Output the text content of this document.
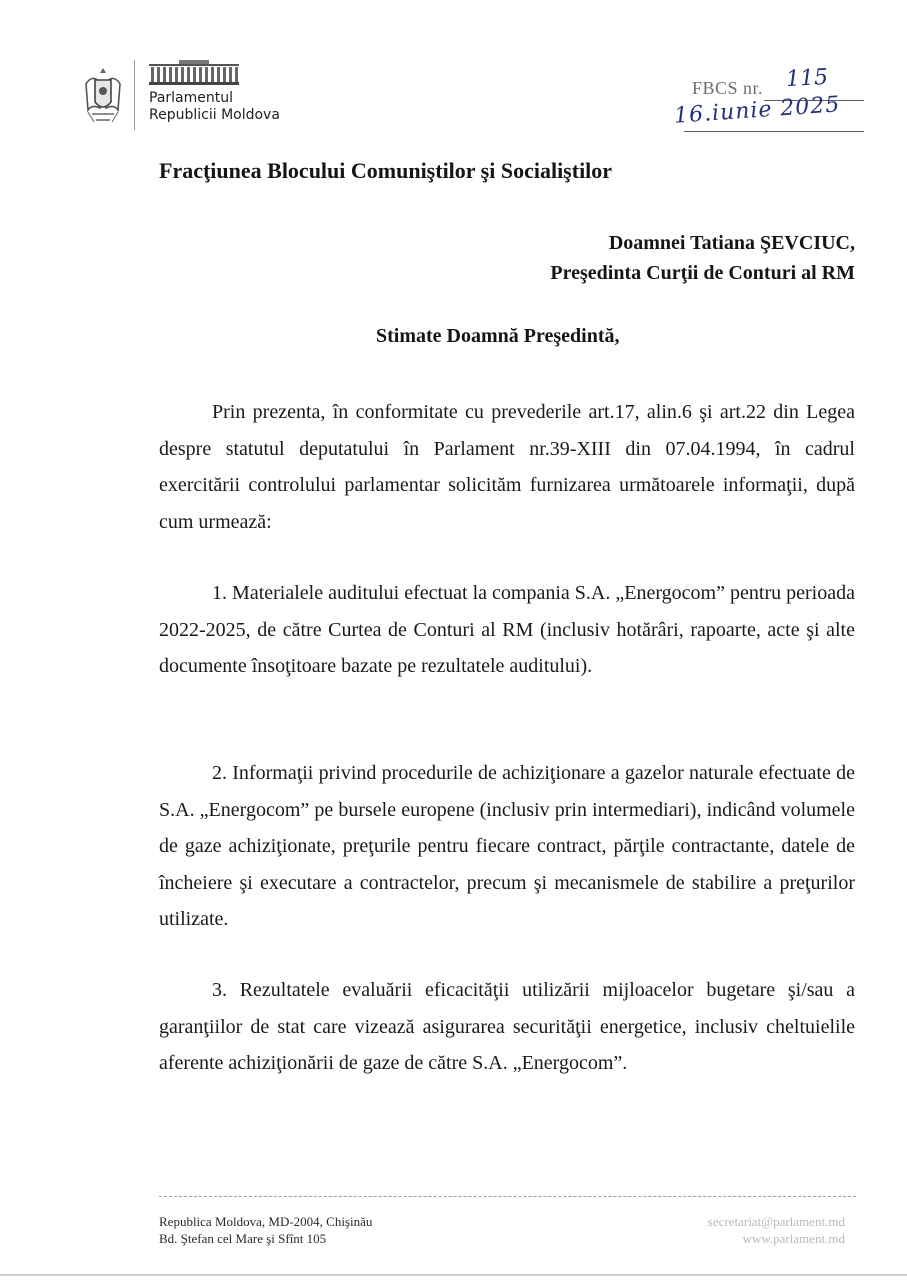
Parlamentul
Republicii Moldova
FBCS nr. 115
16.iunie 2025
Fracţiunea Blocului Comuniştilor şi Socialiştilor
Doamnei Tatiana ŞEVCIUC,
Preşedinta Curţii de Conturi al RM
Stimate Doamnă Preşedintă,
Prin prezenta, în conformitate cu prevederile art.17, alin.6 şi art.22 din Legea despre statutul deputatului în Parlament nr.39-XIII din 07.04.1994, în cadrul exercitării controlului parlamentar solicităm furnizarea următoarele informaţii, după cum urmează:
1. Materialele auditului efectuat la compania S.A. „Energocom” pentru perioada 2022-2025, de către Curtea de Conturi al RM (inclusiv hotărâri, rapoarte, acte şi alte documente însoţitoare bazate pe rezultatele auditului).
2. Informaţii privind procedurile de achiziţionare a gazelor naturale efectuate de S.A. „Energocom” pe bursele europene (inclusiv prin intermediari), indicând volumele de gaze achiziţionate, preţurile pentru fiecare contract, părţile contractante, datele de încheiere şi executare a contractelor, precum şi mecanismele de stabilire a preţurilor utilizate.
3. Rezultatele evaluării eficacităţii utilizării mijloacelor bugetare şi/sau a garanţiilor de stat care vizează asigurarea securităţii energetice, inclusiv cheltuielile aferente achiziţionării de gaze de către S.A. „Energocom”.
Republica Moldova, MD-2004, Chişinău
Bd. Ştefan cel Mare şi Sfînt 105
secretariat@parlament.md
www.parlament.md
